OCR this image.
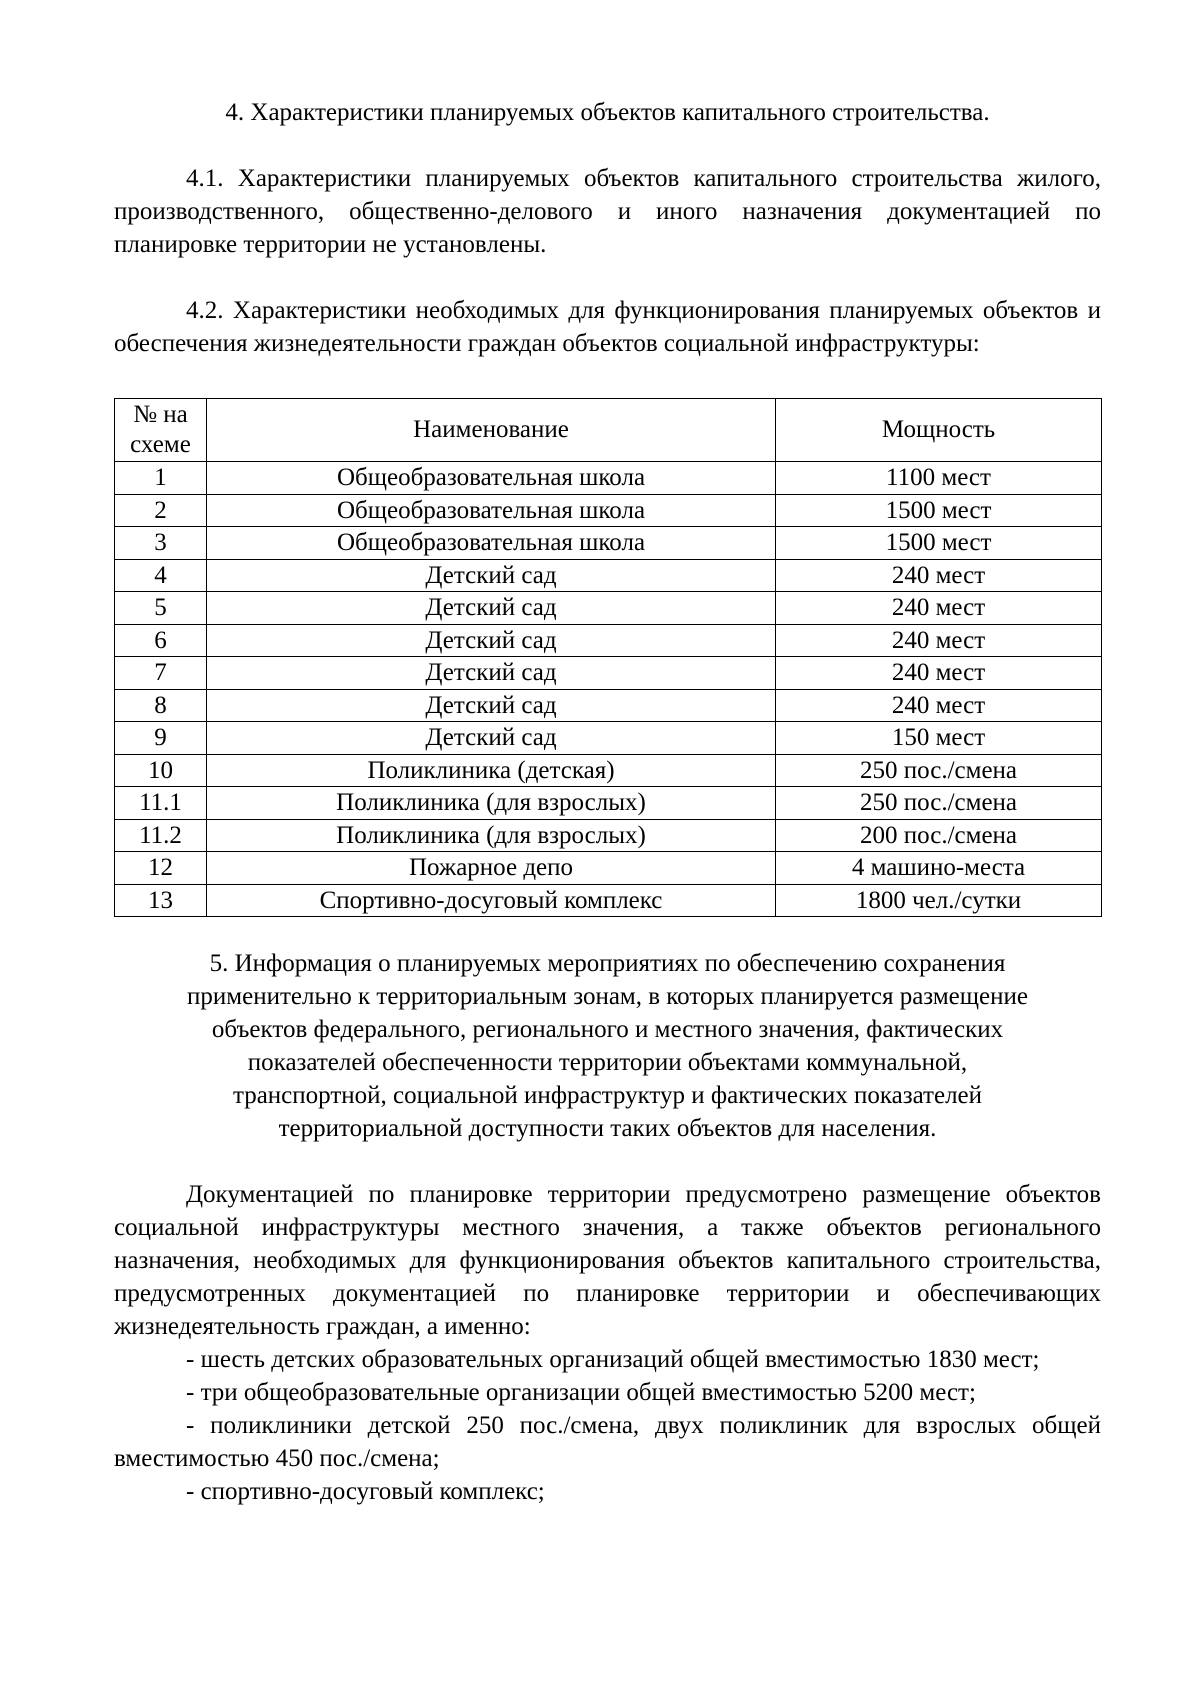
4. Характеристики планируемых объектов капитального строительства.

4.1. Характеристики планируемых объектов капитального строительства жилого, производственного, общественно-делового и иного назначения документацией по планировке территории не установлены.

4.2. Характеристики необходимых для функционирования планируемых объектов и обеспечения жизнедеятельности граждан объектов социальной инфраструктуры:

№ на схеме	Наименование	Мощность
1	Общеобразовательная школа	1100 мест
2	Общеобразовательная школа	1500 мест
3	Общеобразовательная школа	1500 мест
4	Детский сад	240 мест
5	Детский сад	240 мест
6	Детский сад	240 мест
7	Детский сад	240 мест
8	Детский сад	240 мест
9	Детский сад	150 мест
10	Поликлиника (детская)	250 пос./смена
11.1	Поликлиника (для взрослых)	250 пос./смена
11.2	Поликлиника (для взрослых)	200 пос./смена
12	Пожарное депо	4 машино-места
13	Спортивно-досуговый комплекс	1800 чел./сутки

5. Информация о планируемых мероприятиях по обеспечению сохранения

применительно к территориальным зонам, в которых планируется размещение

объектов федерального, регионального и местного значения, фактических

показателей обеспеченности территории объектами коммунальной,

транспортной, социальной инфраструктур и фактических показателей

территориальной доступности таких объектов для населения.

Документацией по планировке территории предусмотрено размещение объектов социальной инфраструктуры местного значения, а также объектов регионального назначения, необходимых для функционирования объектов капитального строительства, предусмотренных документацией по планировке территории и обеспечивающих жизнедеятельность граждан, а именно:

- шесть детских образовательных организаций общей вместимостью 1830 мест;

- три общеобразовательные организации общей вместимостью 5200 мест;

- поликлиники детской 250 пос./смена, двух поликлиник для взрослых общей вместимостью 450 пос./смена;

- спортивно-досуговый комплекс;
